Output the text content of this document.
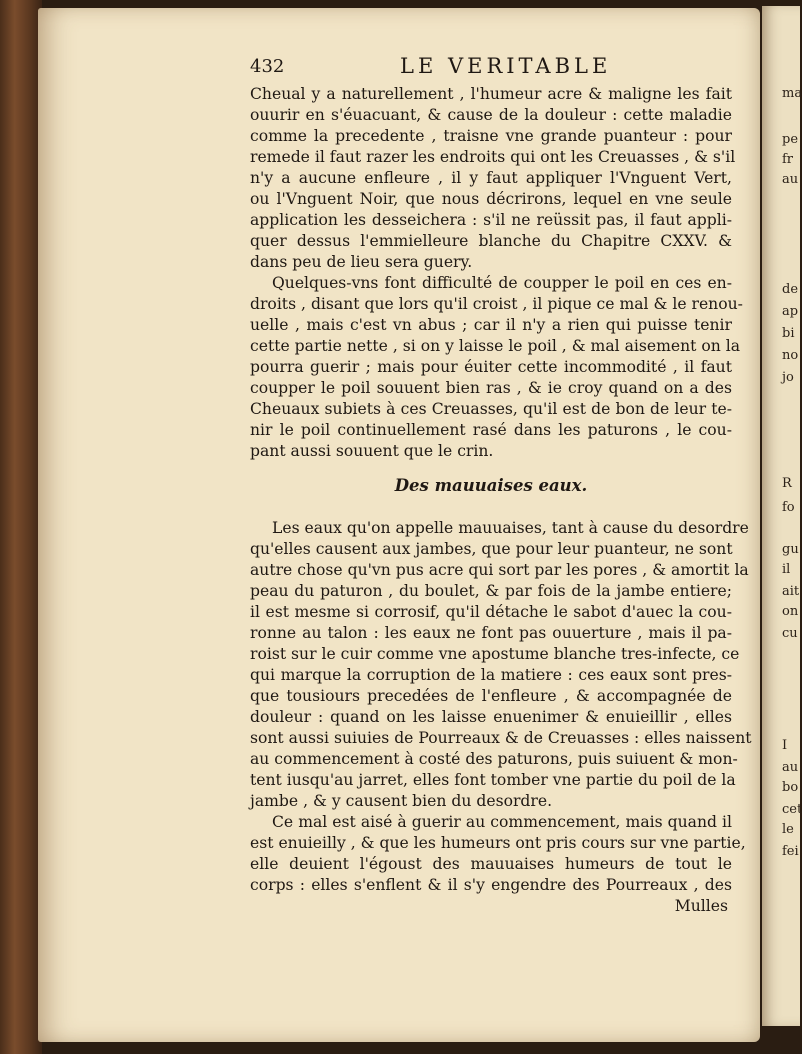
ma
pe
fr
au
de
ap
bi
no
jo
R
fo
gu
il
ait
on
cu
I
au
bo
cet
le
fei
432	LE VERITABLE
Cheual y a naturellement , l'humeur acre & maligne les fait
ouurir en s'éuacuant, & cause de la douleur : cette maladie
comme la precedente , traisne vne grande puanteur : pour
remede il faut razer les endroits qui ont les Creuasses , & s'il
n'y a aucune enfleure , il y faut appliquer l'Vnguent Vert,
ou l'Vnguent Noir, que nous décrirons, lequel en vne seule
application les desseichera : s'il ne reüssit pas, il faut appli-
quer dessus l'emmielleure blanche du Chapitre CXXV. &
dans peu de lieu sera guery.
Quelques-vns font difficulté de coupper le poil en ces en-
droits , disant que lors qu'il croist , il pique ce mal & le renou-
uelle , mais c'est vn abus ; car il n'y a rien qui puisse tenir
cette partie nette , si on y laisse le poil , & mal aisement on la
pourra guerir ; mais pour éuiter cette incommodité , il faut
coupper le poil souuent bien ras , & ie croy quand on a des
Cheuaux subiets à ces Creuasses, qu'il est de bon de leur te-
nir le poil continuellement rasé dans les paturons , le cou-
pant aussi souuent que le crin.
Des mauuaises eaux.
Les eaux qu'on appelle mauuaises, tant à cause du desordre
qu'elles causent aux jambes, que pour leur puanteur, ne sont
autre chose qu'vn pus acre qui sort par les pores , & amortit la
peau du paturon , du boulet, & par fois de la jambe entiere;
il est mesme si corrosif, qu'il détache le sabot d'auec la cou-
ronne au talon : les eaux ne font pas ouuerture , mais il pa-
roist sur le cuir comme vne apostume blanche tres-infecte, ce
qui marque la corruption de la matiere : ces eaux sont pres-
que tousiours precedées de l'enfleure , & accompagnée de
douleur : quand on les laisse enuenimer & enuieillir , elles
sont aussi suiuies de Pourreaux & de Creuasses : elles naissent
au commencement à costé des paturons, puis suiuent & mon-
tent iusqu'au jarret, elles font tomber vne partie du poil de la
jambe , & y causent bien du desordre.
Ce mal est aisé à guerir au commencement, mais quand il
est enuieilly , & que les humeurs ont pris cours sur vne partie,
elle deuient l'égoust des mauuaises humeurs de tout le
corps : elles s'enflent & il s'y engendre des Pourreaux , des
Mulles
